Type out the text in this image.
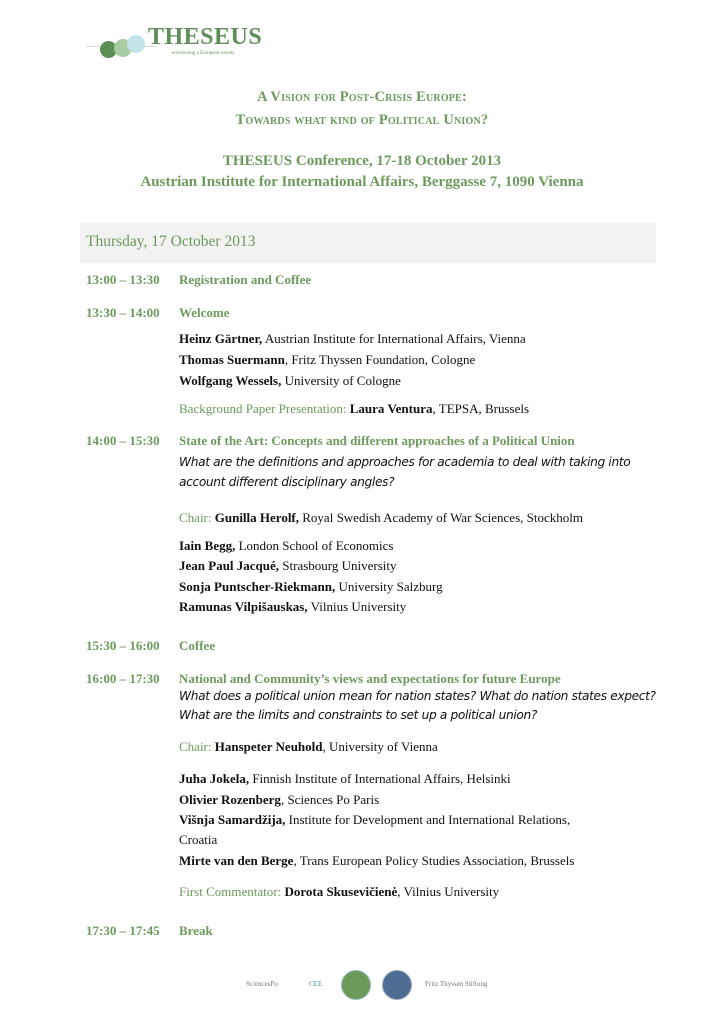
THESEUS
envisioning a European society
A Vision for Post-Crisis Europe:
Towards what kind of Political Union?
THESEUS Conference, 17-18 October 2013
Austrian Institute for International Affairs, Berggasse 7, 1090 Vienna
Thursday, 17 October 2013
13:00 – 13:30 Registration and Coffee
13:30 – 14:00 Welcome
Heinz Gärtner, Austrian Institute for International Affairs, Vienna
Thomas Suermann, Fritz Thyssen Foundation, Cologne
Wolfgang Wessels, University of Cologne
Background Paper Presentation: Laura Ventura, TEPSA, Brussels
14:00 – 15:30 State of the Art: Concepts and different approaches of a Political Union
What are the definitions and approaches for academia to deal with taking into
account different disciplinary angles?
Chair: Gunilla Herolf, Royal Swedish Academy of War Sciences, Stockholm
Iain Begg, London School of Economics
Jean Paul Jacqué, Strasbourg University
Sonja Puntscher-Riekmann, University Salzburg
Ramunas Vilpišauskas, Vilnius University
15:30 – 16:00 Coffee
16:00 – 17:30 National and Community’s views and expectations for future Europe
What does a political union mean for nation states? What do nation states expect?
What are the limits and constraints to set up a political union?
Chair: Hanspeter Neuhold, University of Vienna
Juha Jokela, Finnish Institute of International Affairs, Helsinki
Olivier Rozenberg, Sciences Po Paris
Višnja Samardžija, Institute for Development and International Relations,
Croatia
Mirte van den Berge, Trans European Policy Studies Association, Brussels
First Commentator: Dorota Skusevičienė, Vilnius University
17:30 – 17:45 Break
SciencesPo	CEE	Fritz Thyssen Stiftung
